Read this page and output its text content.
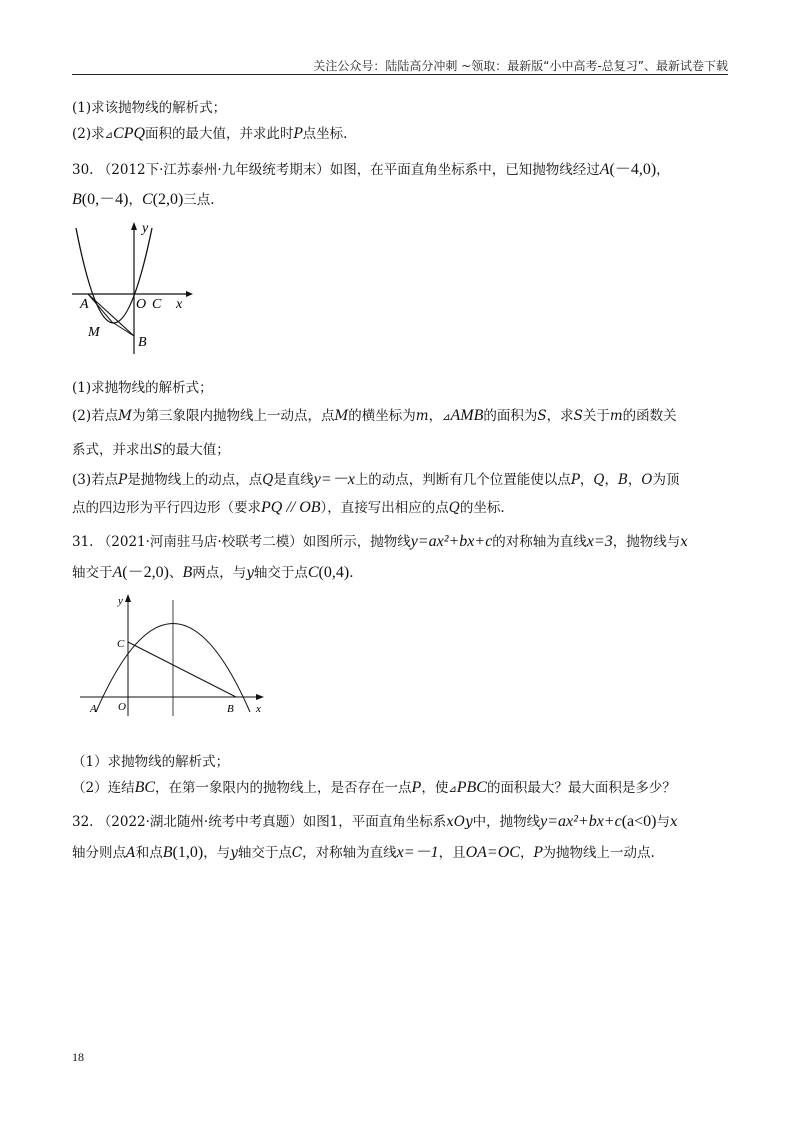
关注公众号：陆陆高分冲刺 ~领取：最新版“小中高考-总复习”、最新试卷下载
(1)求该抛物线的解析式；
(2)求⊿CPQ面积的最大值，并求此时P点坐标.
30. （2012下·江苏泰州·九年级统考期末）如图，在平面直角坐标系中，已知抛物线经过A(－4,0)，
B(0,－4)，C(2,0)三点.
y
x
A	O C
M
B
(1)求抛物线的解析式；
(2)若点M为第三象限内抛物线上一动点，点M的横坐标为m，⊿AMB的面积为S，求S关于m的函数关
系式，并求出S的最大值；
(3)若点P是抛物线上的动点，点Q是直线y=－x上的动点，判断有几个位置能使以点P，Q，B，O为顶
点的四边形为平行四边形（要求PQ // OB），直接写出相应的点Q的坐标.
31. （2021·河南驻马店·校联考二模）如图所示，抛物线y=ax²+bx+c的对称轴为直线x=3，抛物线与x
轴交于A(－2,0)、B两点，与y轴交于点C(0,4).
y
x
C
A O	B
（1）求抛物线的解析式；
（2）连结BC，在第一象限内的抛物线上，是否存在一点P，使⊿PBC的面积最大？最大面积是多少？
32. （2022·湖北随州·统考中考真题）如图1，平面直角坐标系xOy中，抛物线y=ax²+bx+c(a<0)与x
轴分则点A和点B(1,0)，与y轴交于点C，对称轴为直线x=－1，且OA=OC，P为抛物线上一动点.
18
